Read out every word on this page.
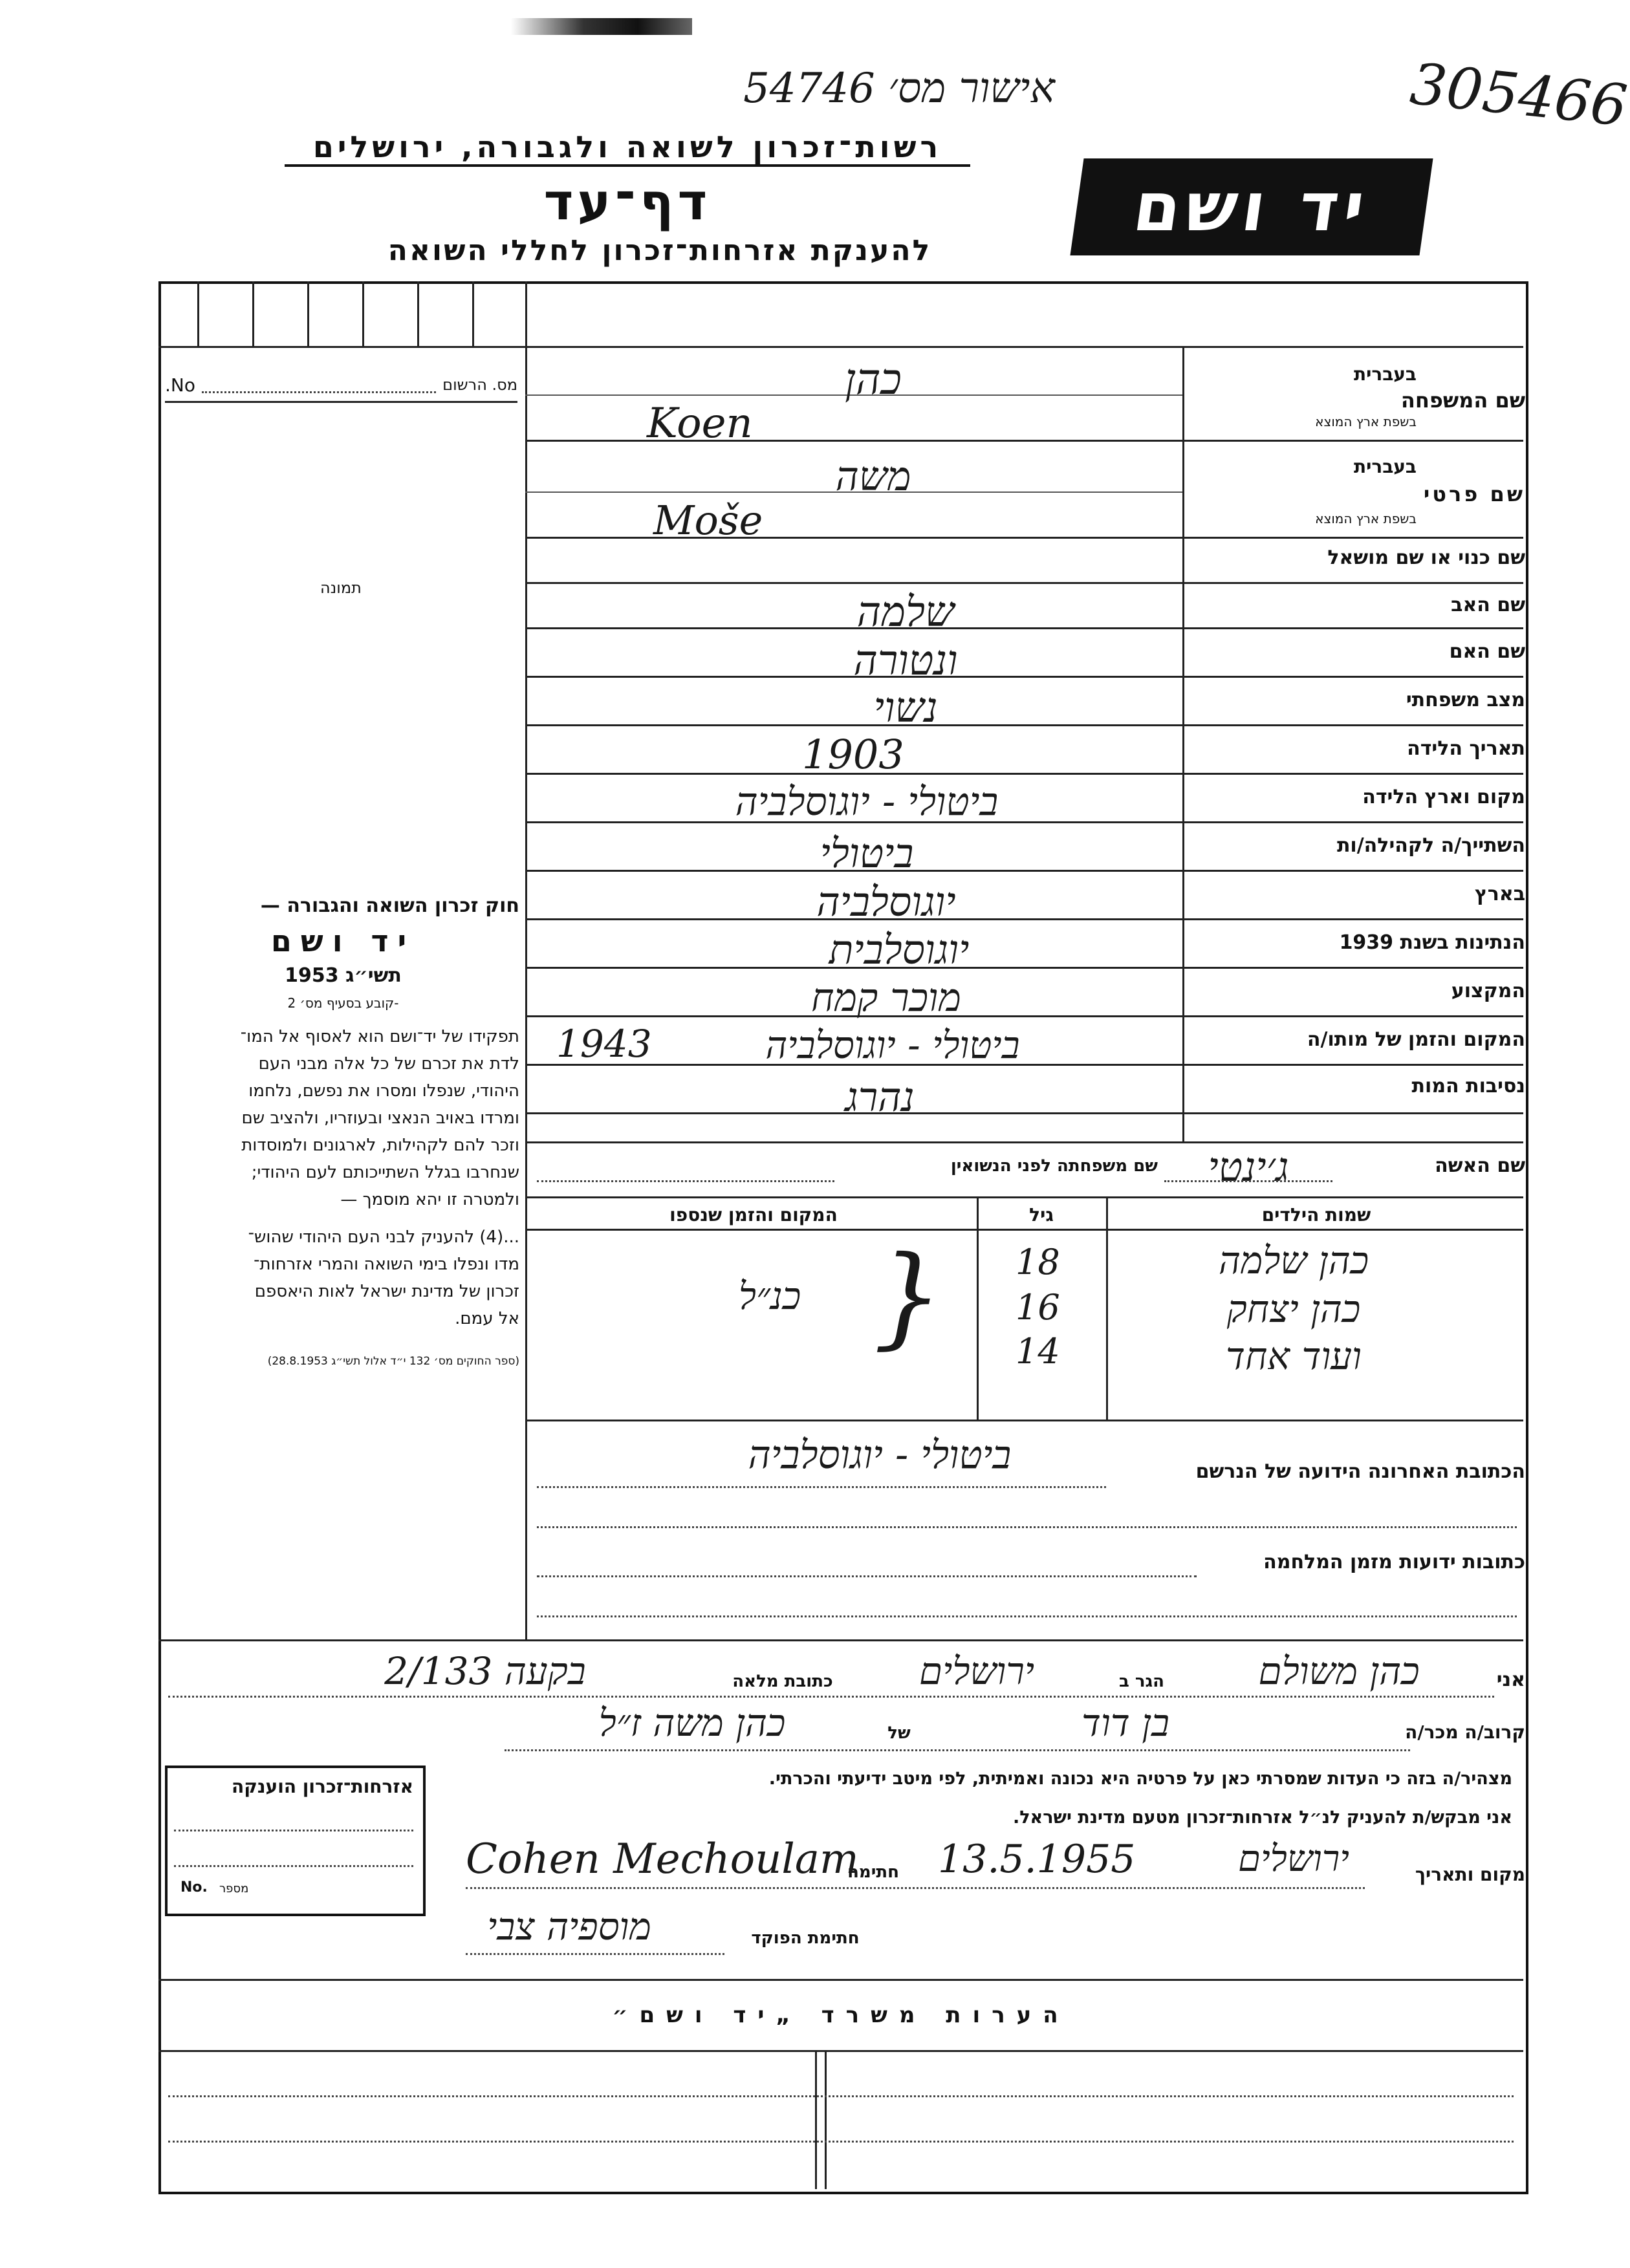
אישור מס׳ 54746	305466
רשות־זכרון לשואה ולגבורה, ירושלים
דף־עד
להענקת אזרחות־זכרון לחללי השואה
יד ושם
מס. הרשום
No.
תמונה
חוק זכרון השואה והגבורה —
יד ושם
תשי״ג 1953
-קובע בסעיף מס׳ 2
תפקידו של יד־ושם הוא לאסוף אל המו־
לדת את זכרם של כל אלה מבני העם
היהודי, שנפלו ומסרו את נפשם, נלחמו
ומרדו באויב הנאצי ובעוזריו, ולהציב שם
וזכר להם לקהילות, לארגונים ולמוסדות
שנחרבו בגלל השתייכותם לעם היהודי;
ולמטרה זו יהא מוסמך —
...(4) להעניק לבני העם היהודי שהוש־
מדו ונפלו בימי השואה והמרי אזרחות־
זכרון של מדינת ישראל לאות היאספם
אל עמם.
(ספר החוקים מס׳ 132 י״ד אלול תשי״ג 28.8.1953)
שם המשפחה
בעברית
בשפת ארץ המוצא
כהן
Koen
שם פרטי
בעברית
בשפת ארץ המוצא
משה
Moše
שם כנוי או שם מושאל
שם האב
שלמה
שם האם
ונטורה
מצב משפחתי
נשוי
תאריך הלידה
1903
מקום וארץ הלידה
ביטולי - יוגוסלביה
השתייך/ה לקהילה/ות
ביטולי
בארץ
יוגוסלביה
הנתינות בשנת 1939
יוגוסלבית
המקצוע
מוכר קמח
המקום והזמן של מותו/ה
ביטולי - יוגוסלביה
1943
נסיבות המות
נהרג
שם האשה
ג׳ינטי
שם משפחתה לפני הנשואין
שמות הילדים
גיל
המקום והזמן שנספו
כהן שלמה
כהן יצחק
ועוד אחד
18
16
14
}
כנ״ל
הכתובת האחרונה הידועה של הנרשם
ביטולי - יוגוסלביה
כתובות ידועות מזמן המלחמה
אני
כהן משולם
הגר ב
ירושלים
כתובת מלאה
בקעה 2/133
קרוב/ה מכר/ה
בן דוד
של
כהן משה ז״ל
מצהיר/ה בזה כי העדות שמסרתי כאן על פרטיה היא נכונה ואמיתית, לפי מיטב ידיעתי והכרתי.
אני מבקש/ת להעניק לנ״ל אזרחות־זכרון מטעם מדינת ישראל.
מקום ותאריך
ירושלים
13.5.1955
חתימה
Cohen Mechoulam
חתימת הפוקד
מוספיה צבי
אזרחות־זכרון הוענקה
No. מספר
הערות משרד „יד ושם״
